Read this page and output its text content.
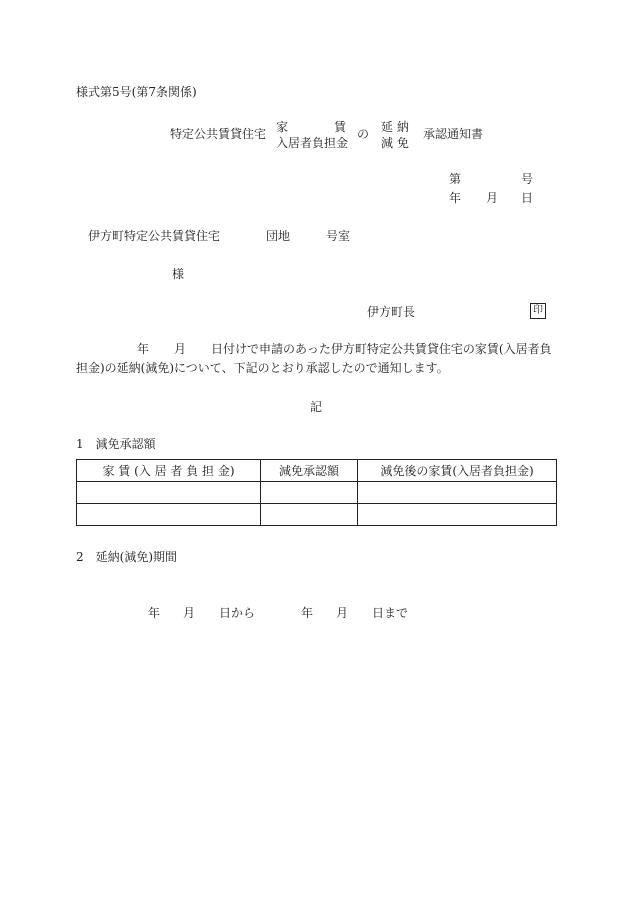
様式第5号(第7条関係)
特定公共賃貸住宅 家	賃
入居者負担金
の 延 納
減 免
承認通知書
第	号
年 月 日
伊方町特定公共賃貸住宅	団地	号室
様
伊方町長	印
年 月 日付けで申請のあった伊方町特定公共賃貸住宅の家賃(入居者負
担金)の延納(減免)について、下記のとおり承認したので通知します。
記
1　減免承認額
家 賃 (入 居 者 負 担 金)	減免承認額	減免後の家賃(入居者負担金)

2　延納(減免)期間
年 月 日から	年 月 日まで
